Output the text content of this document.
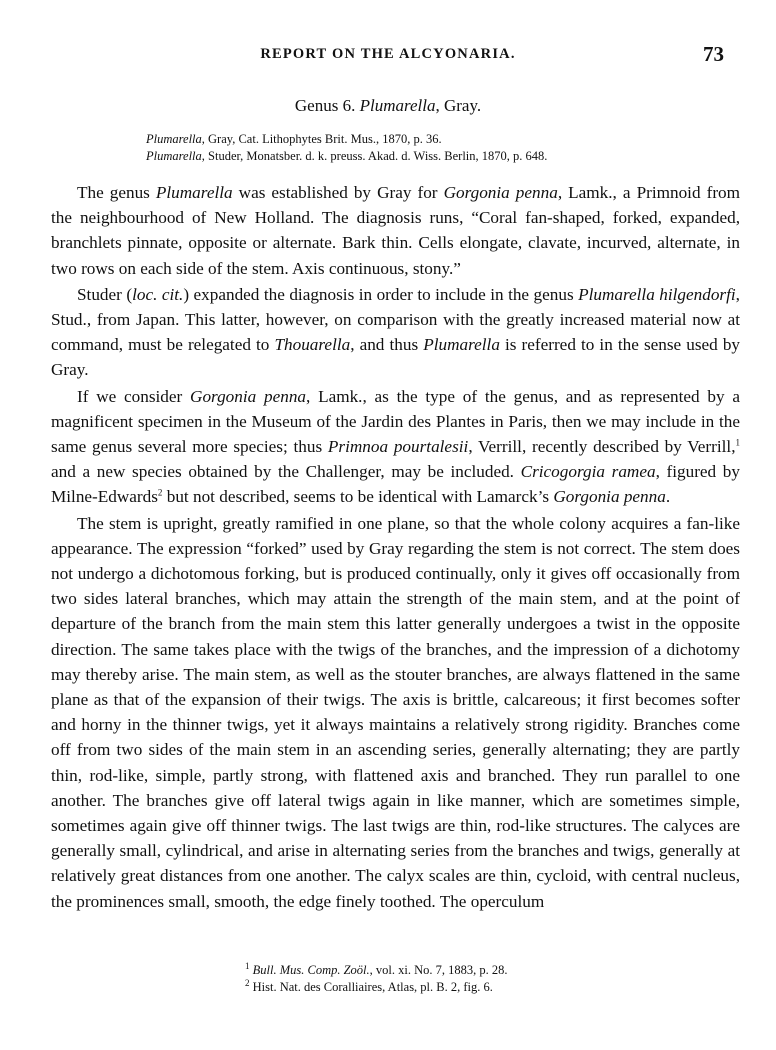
REPORT ON THE ALCYONARIA.	73
Genus 6. Plumarella, Gray.
Plumarella, Gray, Cat. Lithophytes Brit. Mus., 1870, p. 36.
Plumarella, Studer, Monatsber. d. k. preuss. Akad. d. Wiss. Berlin, 1870, p. 648.

The genus Plumarella was established by Gray for Gorgonia penna, Lamk., a Primnoid from the neighbourhood of New Holland. The diagnosis runs, “Coral fan-shaped, forked, expanded, branchlets pinnate, opposite or alternate. Bark thin. Cells elongate, clavate, incurved, alternate, in two rows on each side of the stem. Axis continuous, stony.”

Studer (loc. cit.) expanded the diagnosis in order to include in the genus Plumarella hilgendorfi, Stud., from Japan. This latter, however, on comparison with the greatly increased material now at command, must be relegated to Thouarella, and thus Plumarella is referred to in the sense used by Gray.

If we consider Gorgonia penna, Lamk., as the type of the genus, and as represented by a magnificent specimen in the Museum of the Jardin des Plantes in Paris, then we may include in the same genus several more species; thus Primnoa pourtalesii, Verrill, recently described by Verrill,$^1$ and a new species obtained by the Challenger, may be included. Cricogorgia ramea, figured by Milne-Edwards$^2$ but not described, seems to be identical with Lamarck’s Gorgonia penna.

The stem is upright, greatly ramified in one plane, so that the whole colony acquires a fan-like appearance. The expression “forked” used by Gray regarding the stem is not correct. The stem does not undergo a dichotomous forking, but is produced continually, only it gives off occasionally from two sides lateral branches, which may attain the strength of the main stem, and at the point of departure of the branch from the main stem this latter generally undergoes a twist in the opposite direction. The same takes place with the twigs of the branches, and the impression of a dichotomy may thereby arise. The main stem, as well as the stouter branches, are always flattened in the same plane as that of the expansion of their twigs. The axis is brittle, calcareous; it first becomes softer and horny in the thinner twigs, yet it always maintains a relatively strong rigidity. Branches come off from two sides of the main stem in an ascending series, generally alternating; they are partly thin, rod-like, simple, partly strong, with flattened axis and branched. They run parallel to one another. The branches give off lateral twigs again in like manner, which are sometimes simple, sometimes again give off thinner twigs. The last twigs are thin, rod-like structures. The calyces are generally small, cylindrical, and arise in alternating series from the branches and twigs, generally at relatively great distances from one another. The calyx scales are thin, cycloid, with central nucleus, the prominences small, smooth, the edge finely toothed. The operculum

$^1$ Bull. Mus. Comp. Zoöl., vol. xi. No. 7, 1883, p. 28.
$^2$ Hist. Nat. des Coralliaires, Atlas, pl. B. 2, fig. 6.
